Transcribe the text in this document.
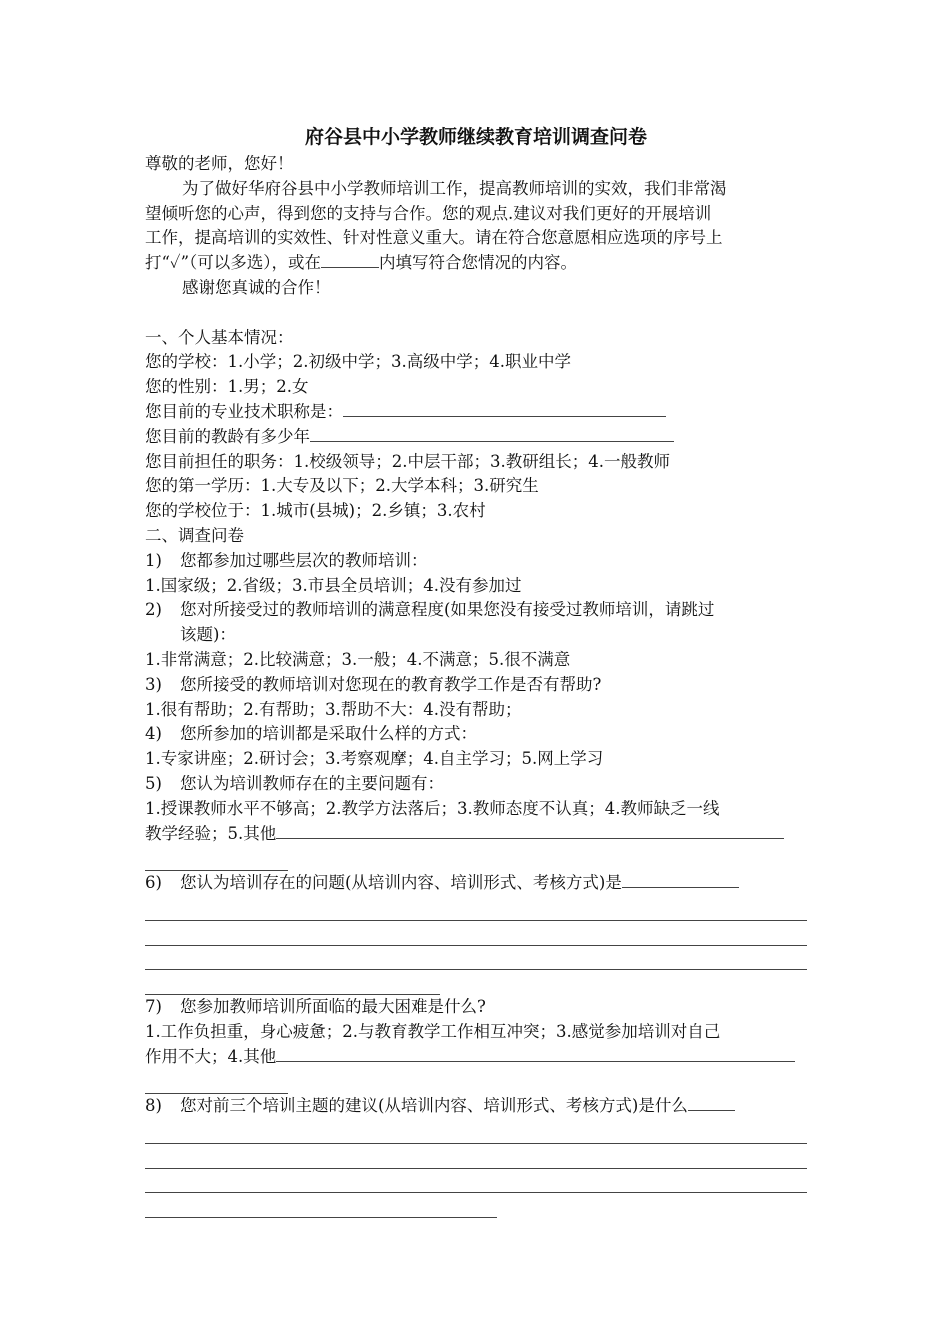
府谷县中小学教师继续教育培训调查问卷
尊敬的老师，您好！
为了做好华府谷县中小学教师培训工作，提高教师培训的实效，我们非常渴
望倾听您的心声，得到您的支持与合作。您的观点.建议对我们更好的开展培训
工作，提高培训的实效性、针对性意义重大。请在符合您意愿相应选项的序号上
打“✓”（可以多选），或在	内填写符合您情况的内容。
感谢您真诚的合作！
一、个人基本情况：
您的学校：1.小学；2.初级中学；3.高级中学；4.职业中学
您的性别：1.男；2.女
您目前的专业技术职称是：
您目前的教龄有多少年
您目前担任的职务：1.校级领导；2.中层干部；3.教研组长；4.一般教师
您的第一学历：1.大专及以下；2.大学本科；3.研究生
您的学校位于：1.城市(县城)；2.乡镇；3.农村
二、调查问卷
1) 您都参加过哪些层次的教师培训：
1.国家级；2.省级；3.市县全员培训；4.没有参加过
2) 您对所接受过的教师培训的满意程度(如果您没有接受过教师培训，请跳过
该题)：
1.非常满意；2.比较满意；3.一般；4.不满意；5.很不满意
3) 您所接受的教师培训对您现在的教育教学工作是否有帮助?
1.很有帮助；2.有帮助；3.帮助不大：4.没有帮助；
4) 您所参加的培训都是采取什么样的方式：
1.专家讲座；2.研讨会；3.考察观摩；4.自主学习；5.网上学习
5) 您认为培训教师存在的主要问题有：
1.授课教师水平不够高；2.教学方法落后；3.教师态度不认真；4.教师缺乏一线
教学经验；5.其他
6) 您认为培训存在的问题(从培训内容、培训形式、考核方式)是
7) 您参加教师培训所面临的最大困难是什么?
1.工作负担重，身心疲惫；2.与教育教学工作相互冲突；3.感觉参加培训对自己
作用不大；4.其他
8) 您对前三个培训主题的建议(从培训内容、培训形式、考核方式)是什么
